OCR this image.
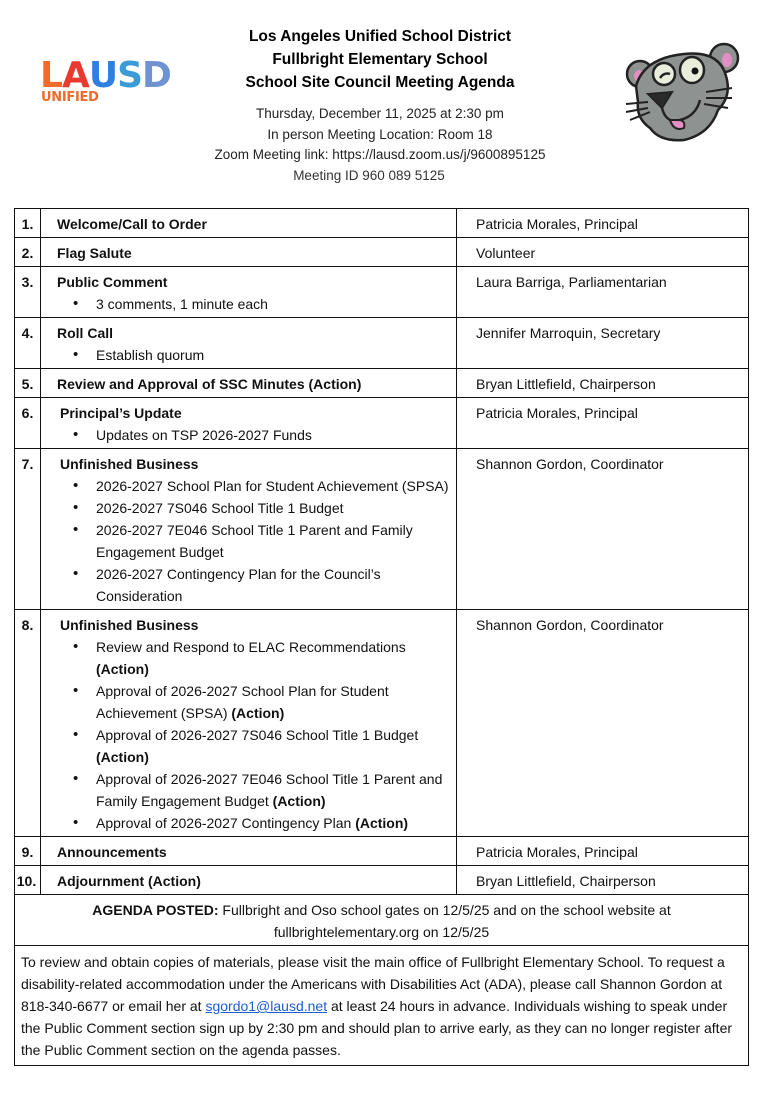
LAUSD
UNIFIED
Los Angeles Unified School District
Fullbright Elementary School
School Site Council Meeting Agenda
Thursday, December 11, 2025 at 2:30 pm
In person Meeting Location: Room 18
Zoom Meeting link: https://lausd.zoom.us/j/9600895125
Meeting ID 960 089 5125
1.	Welcome/Call to Order	Patricia Morales, Principal
2.	Flag Salute	Volunteer
3.	Public Comment
• 3 comments, 1 minute each
	Laura Barriga, Parliamentarian
4.	Roll Call
• Establish quorum
	Jennifer Marroquin, Secretary
5.	Review and Approval of SSC Minutes (Action)	Bryan Littlefield, Chairperson
6.	Principal’s Update
• Updates on TSP 2026-2027 Funds
	Patricia Morales, Principal
7.	Unfinished Business
• 2026-2027 School Plan for Student Achievement (SPSA)
• 2026-2027 7S046 School Title 1 Budget
• 2026-2027 7E046 School Title 1 Parent and Family Engagement Budget
• 2026-2027 Contingency Plan for the Council’s Consideration
	Shannon Gordon, Coordinator
8.	Unfinished Business
• Review and Respond to ELAC Recommendations (Action)
• Approval of 2026-2027 School Plan for Student Achievement (SPSA) (Action)
• Approval of 2026-2027 7S046 School Title 1 Budget (Action)
• Approval of 2026-2027 7E046 School Title 1 Parent and Family Engagement Budget (Action)
• Approval of 2026-2027 Contingency Plan (Action)
	Shannon Gordon, Coordinator
9.	Announcements	Patricia Morales, Principal
10.	Adjournment (Action)	Bryan Littlefield, Chairperson
AGENDA POSTED: Fullbright and Oso school gates on 12/5/25 and on the school website at fullbrightelementary.org on 12/5/25		
To review and obtain copies of materials, please visit the main office of Fullbright Elementary School. To request a disability-related accommodation under the Americans with Disabilities Act (ADA), please call Shannon Gordon at 818-340-6677 or email her at sgordo1@lausd.net at least 24 hours in advance. Individuals wishing to speak under the Public Comment section sign up by 2:30 pm and should plan to arrive early, as they can no longer register after the Public Comment section on the agenda passes.		
